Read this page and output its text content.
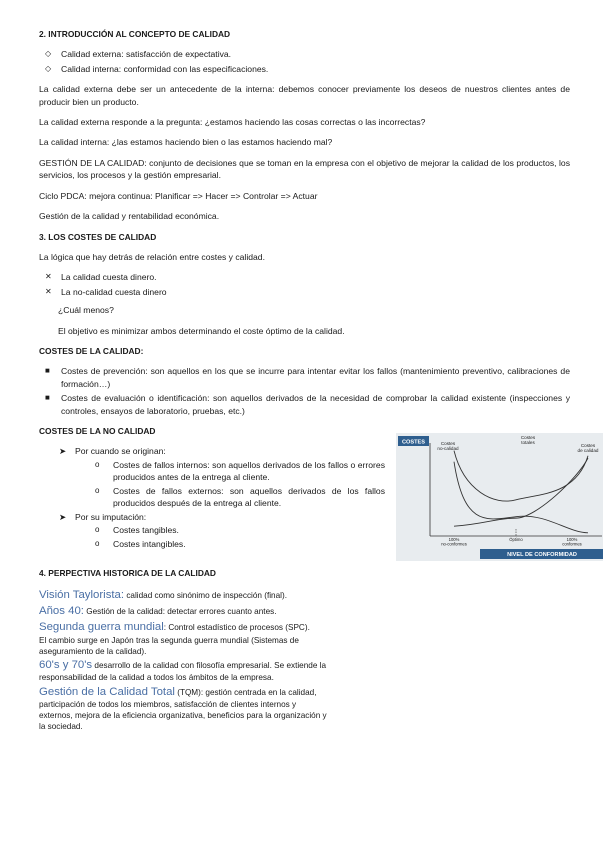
2. INTRODUCCIÓN AL CONCEPTO DE CALIDAD
◇ Calidad externa: satisfacción de expectativa.
◇ Calidad interna: conformidad con las especificaciones.

La calidad externa debe ser un antecedente de la interna: debemos conocer previamente los deseos de nuestros clientes antes de producir bien un producto.

La calidad externa responde a la pregunta: ¿estamos haciendo las cosas correctas o las incorrectas?

La calidad interna: ¿las estamos haciendo bien o las estamos haciendo mal?

GESTIÓN DE LA CALIDAD: conjunto de decisiones que se toman en la empresa con el objetivo de mejorar la calidad de los productos, los servicios, los procesos y la gestión empresarial.

Ciclo PDCA: mejora continua: Planificar => Hacer => Controlar => Actuar

Gestión de la calidad y rentabilidad económica.

3. LOS COSTES DE CALIDAD

La lógica que hay detrás de relación entre costes y calidad.

✕ La calidad cuesta dinero.
✕ La no-calidad cuesta dinero

¿Cuál menos?

El objetivo es minimizar ambos determinando el coste óptimo de la calidad.

COSTES DE LA CALIDAD:
■ Costes de prevención: son aquellos en los que se incurre para intentar evitar los fallos (mantenimiento preventivo, calibraciones de formación…)
■ Costes de evaluación o identificación: son aquellos derivados de la necesidad de comprobar la calidad existente (inspecciones y controles, ensayos de laboratorio, pruebas, etc.)
COSTES DE LA NO CALIDAD
➤ Por cuando se originan:
o Costes de fallos internos: son aquellos derivados de los fallos o errores producidos antes de la entrega al cliente.
o Costes de fallos externos: son aquellos derivados de los fallos producidos después de la entrega al cliente.
➤ Por su imputación:
o Costes tangibles.
o Costes intangibles.
COSTES	Costes no-calidad
Costes totales
Costes de calidad
100% no-conformes
Óptimo	100% conformes
NIVEL DE CONFORMIDAD
4. PERPECTIVA HISTORICA DE LA CALIDAD
Visión Taylorista: calidad como sinónimo de inspección (final).
Años 40: Gestión de la calidad: detectar errores cuanto antes.
Segunda guerra mundial: Control estadístico de procesos (SPC).
El cambio surge en Japón tras la segunda guerra mundial (Sistemas de aseguramiento de la calidad).
60's y 70's desarrollo de la calidad con filosofía empresarial. Se extiende la responsabilidad de la calidad a todos los ámbitos de la empresa.
Gestión de la Calidad Total (TQM): gestión centrada en la calidad, participación de todos los miembros, satisfacción de clientes internos y externos, mejora de la eficiencia organizativa, beneficios para la organización y la sociedad.
